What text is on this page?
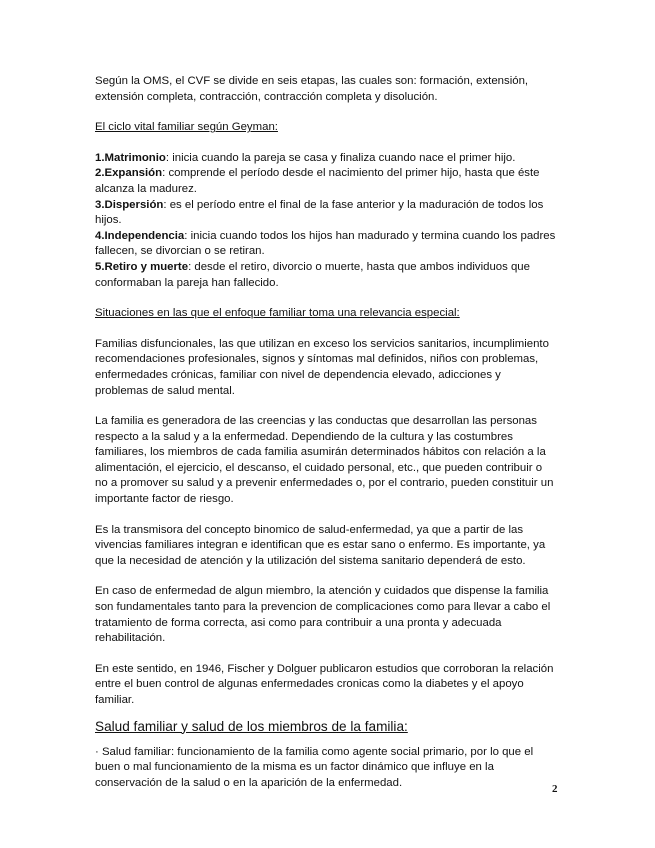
Según la OMS, el CVF se divide en seis etapas, las cuales son: formación, extensión, extensión completa, contracción, contracción completa y disolución.

El ciclo vital familiar según Geyman:

1.Matrimonio: inicia cuando la pareja se casa y finaliza cuando nace el primer hijo.

2.Expansión: comprende el período desde el nacimiento del primer hijo, hasta que éste alcanza la madurez.

3.Dispersión: es el período entre el final de la fase anterior y la maduración de todos los hijos.

4.Independencia: inicia cuando todos los hijos han madurado y termina cuando los padres fallecen, se divorcian o se retiran.

5.Retiro y muerte: desde el retiro, divorcio o muerte, hasta que ambos individuos que conformaban la pareja han fallecido.

Situaciones en las que el enfoque familiar toma una relevancia especial:

Familias disfuncionales, las que utilizan en exceso los servicios sanitarios, incumplimiento recomendaciones profesionales, signos y síntomas mal definidos, niños con problemas, enfermedades crónicas, familiar con nivel de dependencia elevado, adicciones y problemas de salud mental.

La familia es generadora de las creencias y las conductas que desarrollan las personas respecto a la salud y a la enfermedad. Dependiendo de la cultura y las costumbres familiares, los miembros de cada familia asumirán determinados hábitos con relación a la alimentación, el ejercicio, el descanso, el cuidado personal, etc., que pueden contribuir o no a promover su salud y a prevenir enfermedades o, por el contrario, pueden constituir un importante factor de riesgo.

Es la transmisora del concepto binomico de salud-enfermedad, ya que a partir de las vivencias familiares integran e identifican que es estar sano o enfermo. Es importante, ya que la necesidad de atención y la utilización del sistema sanitario dependerá de esto.

En caso de enfermedad de algun miembro, la atención y cuidados que dispense la familia son fundamentales tanto para la prevencion de complicaciones como para llevar a cabo el tratamiento de forma correcta, asi como para contribuir a una pronta y adecuada rehabilitación.

En este sentido, en 1946, Fischer y Dolguer publicaron estudios que corroboran la relación entre el buen control de algunas enfermedades cronicas como la diabetes y el apoyo familiar.

Salud familiar y salud de los miembros de la familia:

· Salud familiar: funcionamiento de la familia como agente social primario, por lo que el buen o mal funcionamiento de la misma es un factor dinámico que influye en la conservación de la salud o en la aparición de la enfermedad.

2
